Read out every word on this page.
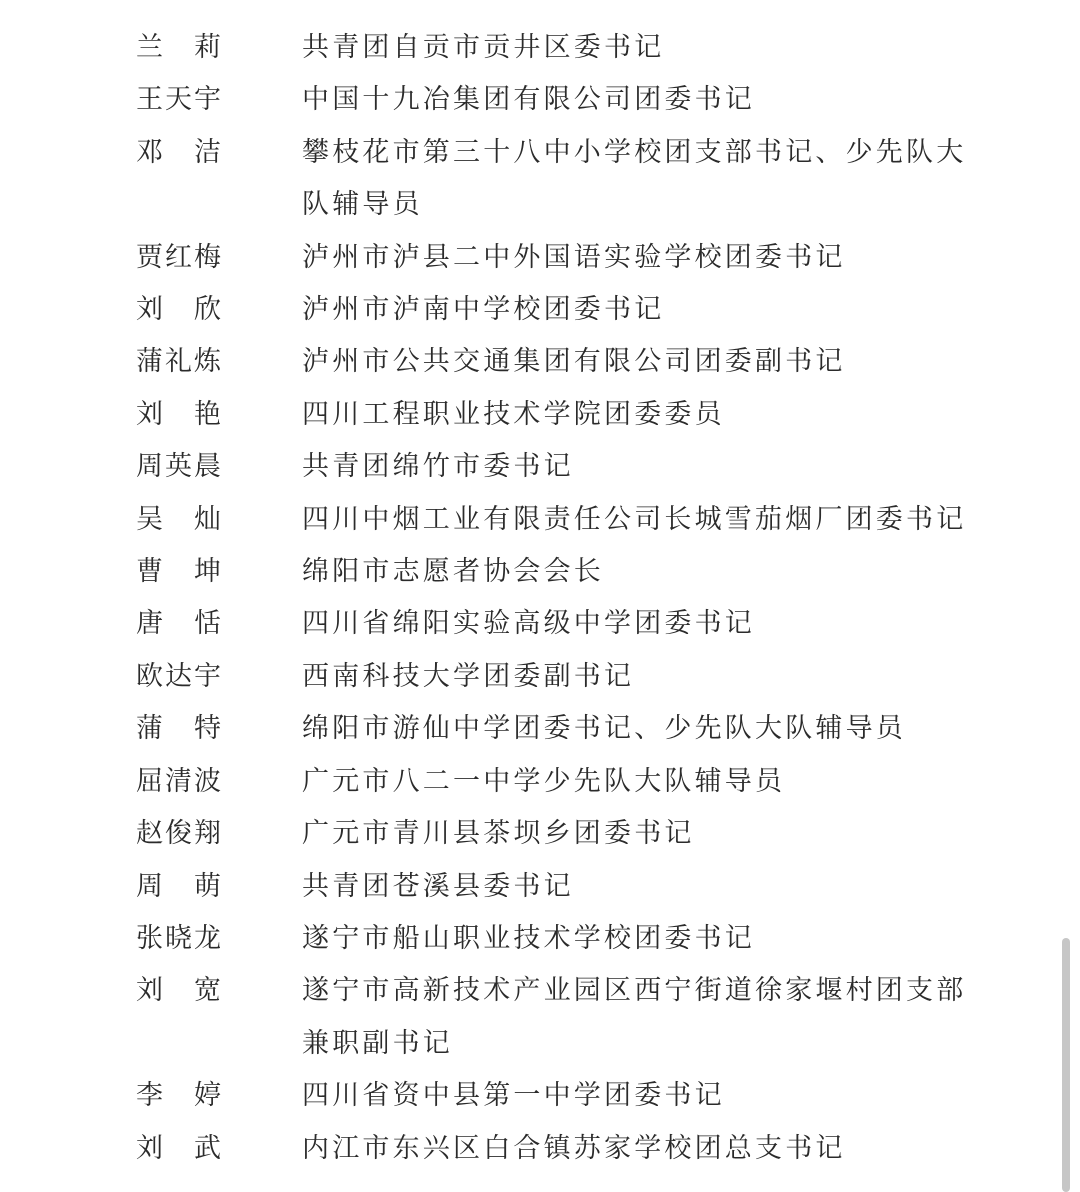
兰　莉	共青团自贡市贡井区委书记
王天宇	中国十九冶集团有限公司团委书记
邓　洁	攀枝花市第三十八中小学校团支部书记、少先队大队辅导员
贾红梅	泸州市泸县二中外国语实验学校团委书记
刘　欣	泸州市泸南中学校团委书记
蒲礼炼	泸州市公共交通集团有限公司团委副书记
刘　艳	四川工程职业技术学院团委委员
周英晨	共青团绵竹市委书记
吴　灿	四川中烟工业有限责任公司长城雪茄烟厂团委书记
曹　坤	绵阳市志愿者协会会长
唐　恬	四川省绵阳实验高级中学团委书记
欧达宇	西南科技大学团委副书记
蒲　特	绵阳市游仙中学团委书记、少先队大队辅导员
屈清波	广元市八二一中学少先队大队辅导员
赵俊翔	广元市青川县茶坝乡团委书记
周　萌	共青团苍溪县委书记
张晓龙	遂宁市船山职业技术学校团委书记
刘　宽	遂宁市高新技术产业园区西宁街道徐家堰村团支部兼职副书记
李　婷	四川省资中县第一中学团委书记
刘　武	内江市东兴区白合镇苏家学校团总支书记
